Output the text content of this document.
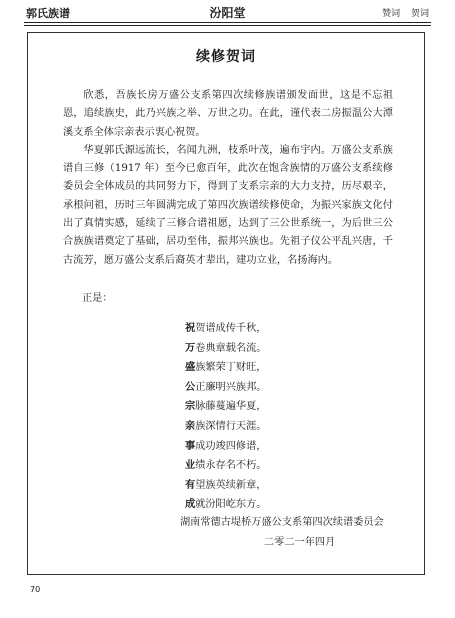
郭氏族谱	汾阳堂	赞词 贺词
续修贺词

欣悉，吾族长房万盛公支系第四次续修族谱颁发面世，这是不忘祖恩，追续族史，此乃兴族之举、万世之功。在此，谨代表二房振温公大潭溪支系全体宗亲表示衷心祝贺。

华夏郭氏源远流长，名闻九洲，枝系叶茂，遍布宇内。万盛公支系族谱自三修（1917 年）至今已愈百年，此次在饱含族情的万盛公支系续修委员会全体成员的共同努力下，得到了支系宗亲的大力支持，历尽艰辛，承根问祖，历时三年圆满完成了第四次族谱续修使命，为振兴家族文化付出了真情实感，延续了三修合谱祖愿，达到了三公世系统一，为后世三公合族族谱奠定了基础，居功至伟，振邦兴族也。先祖子仪公平乱兴唐，千古流芳，愿万盛公支系后裔英才辈出，建功立业，名扬海内。

正是：
祝贺谱成传千秋，
万卷典章载名流。
盛族繁荣丁财旺，
公正廉明兴族邦。
宗脉藤蔓遍华夏，
亲族深情行天涯。
事成功竣四修谱，
业绩永存名不朽。
有望族英续新章，
成就汾阳屹东方。
湖南常德古堤桥万盛公支系第四次续谱委员会
二零二一年四月
70
